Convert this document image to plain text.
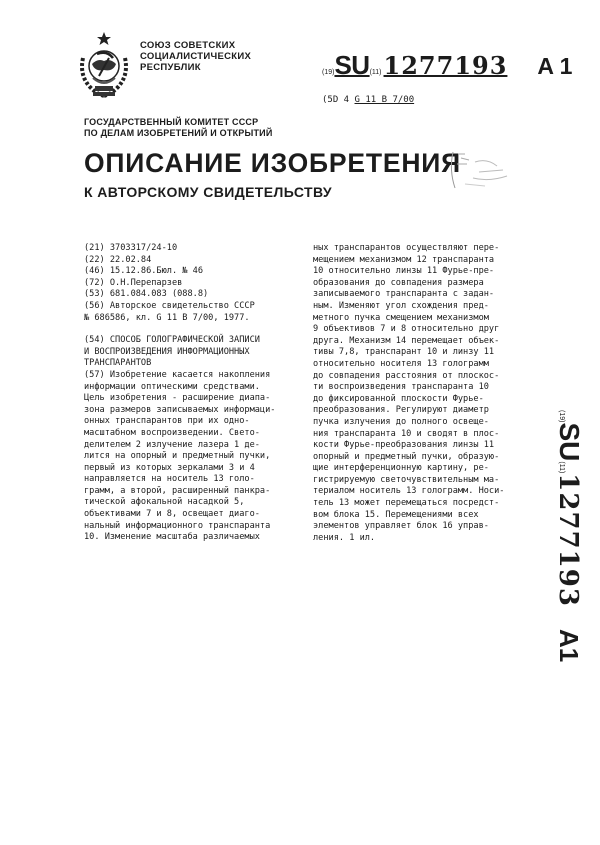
СОЮЗ СОВЕТСКИХ
СОЦИАЛИСТИЧЕСКИХ
РЕСПУБЛИК	(19)SU(11)1277193 A 1
(5D 4 G 11 B 7/00
ГОСУДАРСТВЕННЫЙ КОМИТЕТ СССР
ПО ДЕЛАМ ИЗОБРЕТЕНИЙ И ОТКРЫТИЙ
ОПИСАНИЕ ИЗОБРЕТЕНИЯ
К АВТОРСКОМУ СВИДЕТЕЛЬСТВУ
(21) 3703317/24-10
(22) 22.02.84
(46) 15.12.86.Бюл. № 46
(72) О.Н.Перепарзев
(53) 681.084.083 (088.8)
(56) Авторское свидетельство СССР
№ 686586, кл. G 11 B 7/00, 1977.
(54) СПОСОБ ГОЛОГРАФИЧЕСКОЙ ЗАПИСИ
И ВОСПРОИЗВЕДЕНИЯ ИНФОРМАЦИОННЫХ
ТРАНСПАРАНТОВ
(57) Изобретение касается накопления
информации оптическими средствами.
Цель изобретения - расширение диапа-
зона размеров записываемых информаци-
онных транспарантов при их одно-
масштабном воспроизведении. Свето-
делителем 2 излучение лазера 1 де-
лится на опорный и предметный пучки,
первый из которых зеркалами 3 и 4
направляется на носитель 13 голо-
грамм, а второй, расширенный панкра-
тической афокальной насадкой 5,
объективами 7 и 8, освещает диаго-
нальный информационного транспаранта
10. Изменение масштаба различаемых
ных транспарантов осуществляют пере-
мещением механизмом 12 транспаранта
10 относительно линзы 11 Фурье-пре-
образования до совпадения размера
записываемого транспаранта с задан-
ным. Изменяют угол схождения пред-
метного пучка смещением механизмом
9 объективов 7 и 8 относительно друг
друга. Механизм 14 перемещает объек-
тивы 7,8, транспарант 10 и линзу 11
относительно носителя 13 голограмм
до совпадения расстояния от плоскос-
ти воспроизведения транспаранта 10
до фиксированной плоскости Фурье-
преобразования. Регулируют диаметр
пучка излучения до полного освеще-
ния транспаранта 10 и сводят в плос-
кости Фурье-преобразования линзы 11
опорный и предметный пучки, образую-
щие интерференционную картину, ре-
гистрируемую светочувствительным ма-
териалом носитель 13 голограмм. Носи-
тель 13 может перемещаться посредст-
вом блока 15. Перемещениями всех
элементов управляет блок 16 управ-
ления. 1 ил.
(19)SU(11)1277193A1
